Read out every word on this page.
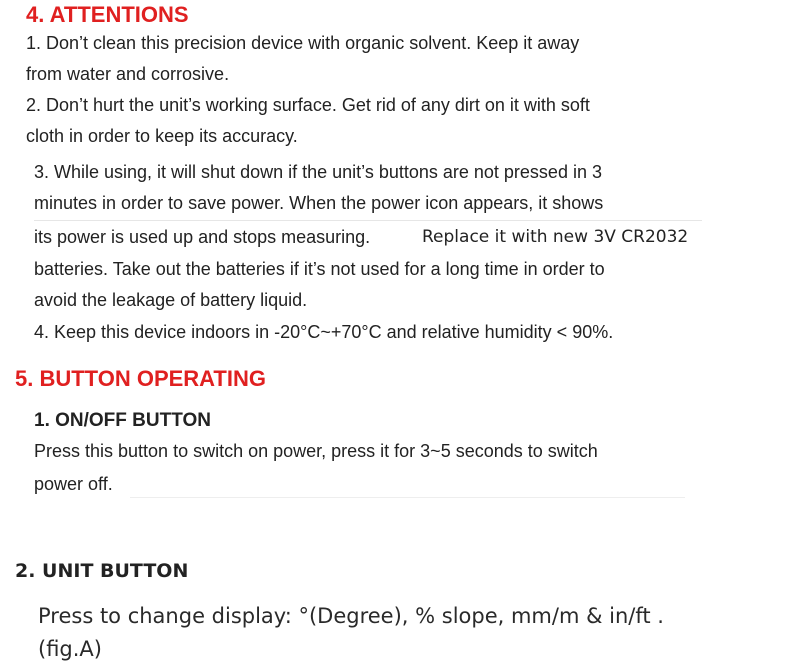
4. ATTENTIONS
1. Don’t clean this precision device with organic solvent. Keep it away
from water and corrosive.
2. Don’t hurt the unit’s working surface. Get rid of any dirt on it with soft
cloth in order to keep its accuracy.
3. While using, it will shut down if the unit’s buttons are not pressed in 3
minutes in order to save power. When the power icon appears, it shows
its power is used up and stops measuring.	Replace it with new 3V CR2032
batteries. Take out the batteries if it’s not used for a long time in order to
avoid the leakage of battery liquid.
4. Keep this device indoors in -20°C~+70°C and relative humidity < 90%.
5. BUTTON OPERATING
1. ON/OFF BUTTON
Press this button to switch on power, press it for 3~5 seconds to switch
power off.
2. UNIT BUTTON
Press to change display: °(Degree), % slope, mm/m & in/ft .
(fig.A)
